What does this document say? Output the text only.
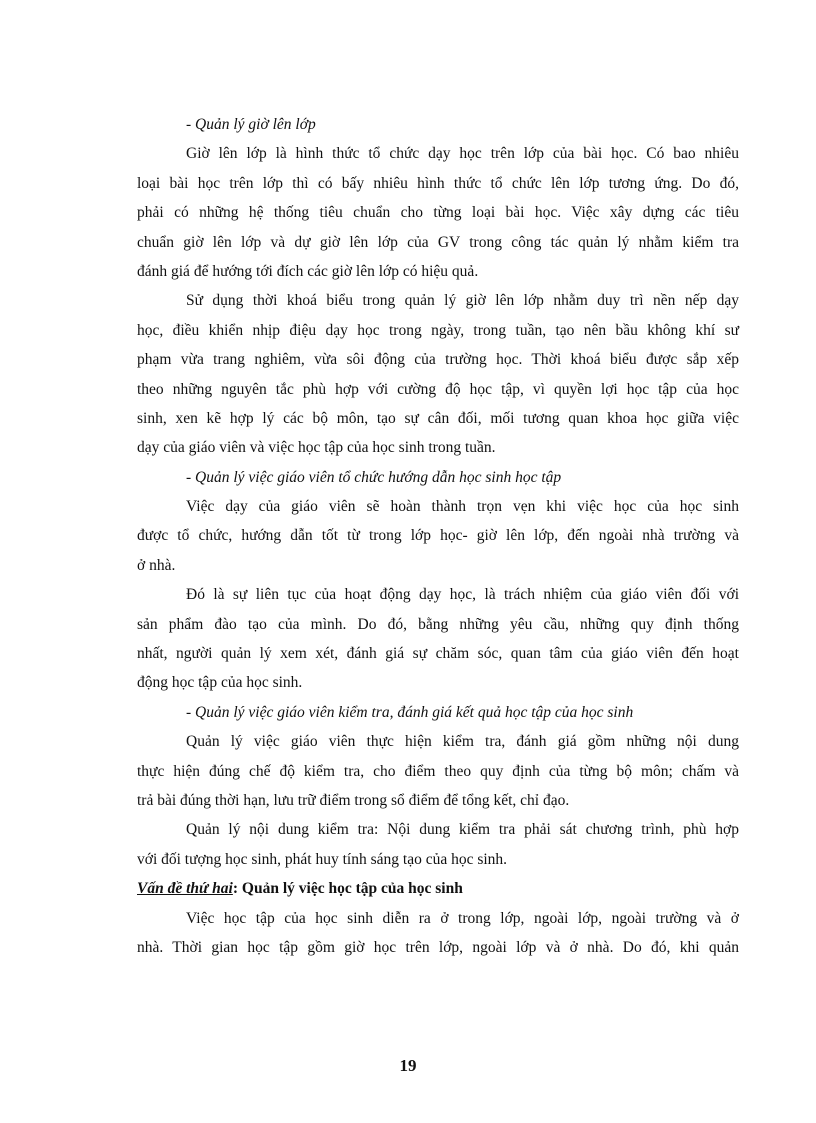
- Quản lý giờ lên lớp

Giờ lên lớp là hình thức tổ chức dạy học trên lớp của bài học. Có bao nhiêu

loại bài học trên lớp thì có bấy nhiêu hình thức tổ chức lên lớp tương ứng. Do đó,

phải có những hệ thống tiêu chuẩn cho từng loại bài học. Việc xây dựng các tiêu

chuẩn giờ lên lớp và dự giờ lên lớp của GV trong công tác quản lý nhằm kiểm tra

đánh giá để hướng tới đích các giờ lên lớp có hiệu quả.

Sử dụng thời khoá biểu trong quản lý giờ lên lớp nhằm duy trì nền nếp dạy

học, điều khiển nhịp điệu dạy học trong ngày, trong tuần, tạo nên bầu không khí sư

phạm vừa trang nghiêm, vừa sôi động của trường học. Thời khoá biểu được sắp xếp

theo những nguyên tắc phù hợp với cường độ học tập, vì quyền lợi học tập của học

sinh, xen kẽ hợp lý các bộ môn, tạo sự cân đối, mối tương quan khoa học giữa việc

dạy của giáo viên và việc học tập của học sinh trong tuần.

- Quản lý việc giáo viên tổ chức hướng dẫn học sinh học tập

Việc dạy của giáo viên sẽ hoàn thành trọn vẹn khi việc học của học sinh

được tổ chức, hướng dẫn tốt từ trong lớp học- giờ lên lớp, đến ngoài nhà trường và

ở nhà.

Đó là sự liên tục của hoạt động dạy học, là trách nhiệm của giáo viên đối với

sản phẩm đào tạo của mình. Do đó, bằng những yêu cầu, những quy định thống

nhất, người quản lý xem xét, đánh giá sự chăm sóc, quan tâm của giáo viên đến hoạt

động học tập của học sinh.

- Quản lý việc giáo viên kiểm tra, đánh giá kết quả học tập của học sinh

Quản lý việc giáo viên thực hiện kiểm tra, đánh giá gồm những nội dung

thực hiện đúng chế độ kiểm tra, cho điểm theo quy định của từng bộ môn; chấm và

trả bài đúng thời hạn, lưu trữ điểm trong sổ điểm để tổng kết, chỉ đạo.

Quản lý nội dung kiểm tra: Nội dung kiểm tra phải sát chương trình, phù hợp

với đối tượng học sinh, phát huy tính sáng tạo của học sinh.

Vấn đề thứ hai: Quản lý việc học tập của học sinh

Việc học tập của học sinh diễn ra ở trong lớp, ngoài lớp, ngoài trường và ở

nhà. Thời gian học tập gồm giờ học trên lớp, ngoài lớp và ở nhà. Do đó, khi quản

19
